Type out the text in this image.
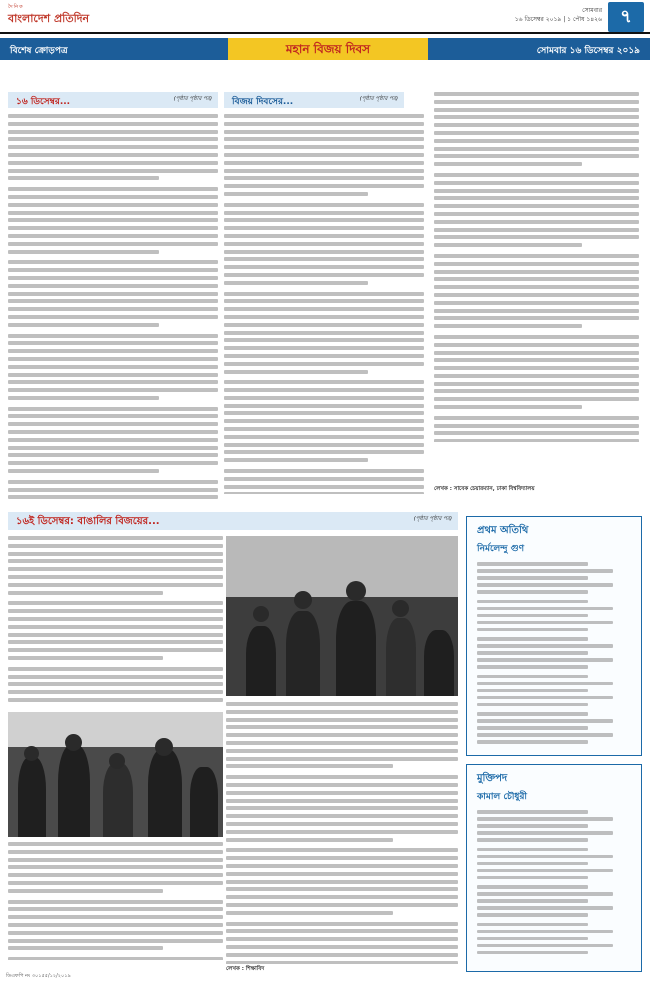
দৈনিক
বাংলাদেশ প্রতিদিন
সোমবার
১৬ ডিসেম্বর ২০১৯ | ১ পৌষ ১৪২৬	৭
বিশেষ ক্রোড়পত্র	মহান বিজয় দিবস	সোমবার ১৬ ডিসেম্বর ২০১৯
১৬ ডিসেম্বর...	(পৃষ্ঠার পৃষ্ঠার পর) বিজয় দিবসের...	(পৃষ্ঠার পৃষ্ঠার পর)
লেখক : সাবেক চেয়ারম্যান, ঢাকা বিশ্ববিদ্যালয়
১৬ই ডিসেম্বর: বাঙালির বিজয়ের...	(পৃষ্ঠার পৃষ্ঠার পর)
লেখক : শিক্ষাবিদ
প্রথম অতিথি
নির্মলেন্দু গুণ
মুক্তিপদ
কামাল চৌধুরী
ডিএফপি নং ৩০১৫৫/১২/২০১৯
